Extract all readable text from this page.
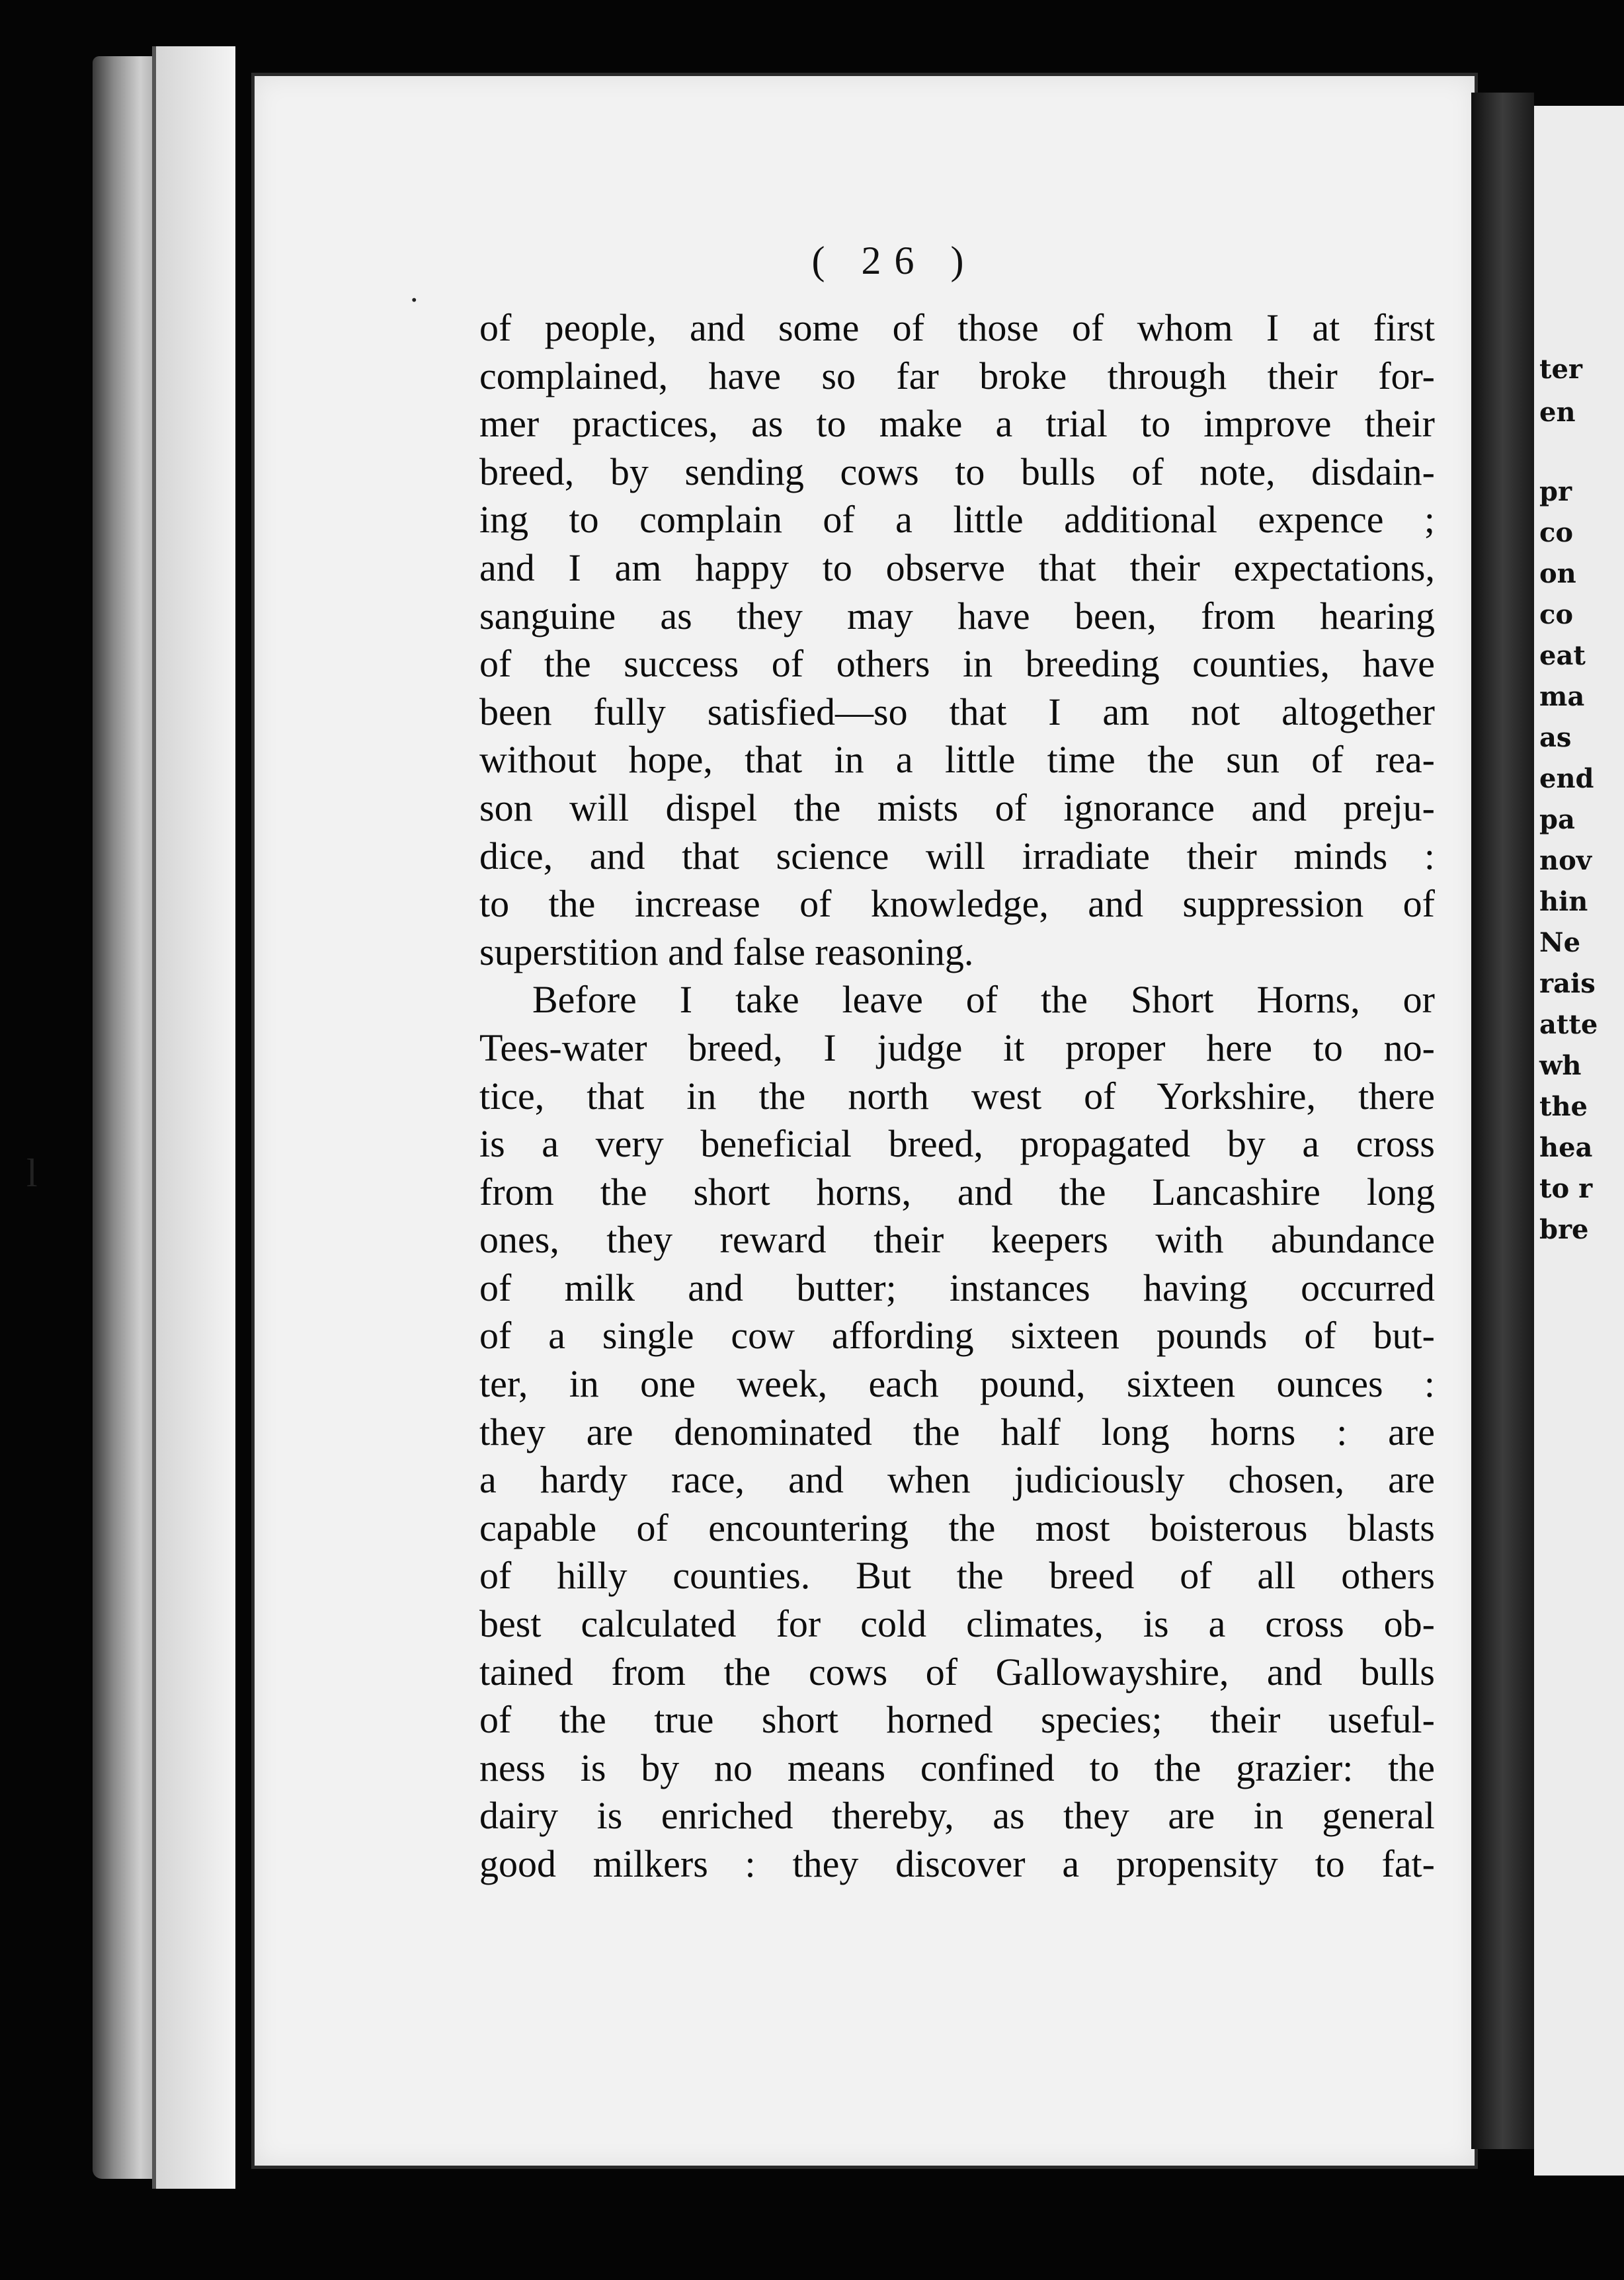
( 26 )
of people, and some of those of whom I at first
complained, have so far broke through their for-
mer practices, as to make a trial to improve their
breed, by sending cows to bulls of note, disdain-
ing to complain of a little additional expence ;
and I am happy to observe that their expectations,
sanguine as they may have been, from hearing
of the success of others in breeding counties, have
been fully satisfied—so that I am not altogether
without hope, that in a little time the sun of rea-
son will dispel the mists of ignorance and preju-
dice, and that science will irradiate their minds :
to the increase of knowledge, and suppression of
superstition and false reasoning.
Before I take leave of the Short Horns, or
Tees-water breed, I judge it proper here to no-
tice, that in the north west of Yorkshire, there
is a very beneficial breed, propagated by a cross
from the short horns, and the Lancashire long
ones, they reward their keepers with abundance
of milk and butter; instances having occurred
of a single cow affording sixteen pounds of but-
ter, in one week, each pound, sixteen ounces :
they are denominated the half long horns : are
a hardy race, and when judiciously chosen, are
capable of encountering the most boisterous blasts
of hilly counties. But the breed of all others
best calculated for cold climates, is a cross ob-
tained from the cows of Gallowayshire, and bulls
of the true short horned species; their useful-
ness is by no means confined to the grazier: the
dairy is enriched thereby, as they are in general
good milkers : they discover a propensity to fat-
ter
en
pr
co
on
co
eat
ma
as
end
pa
nov
hin
Ne
rais
atte
wh
the
hea
to r
bre
.
l
